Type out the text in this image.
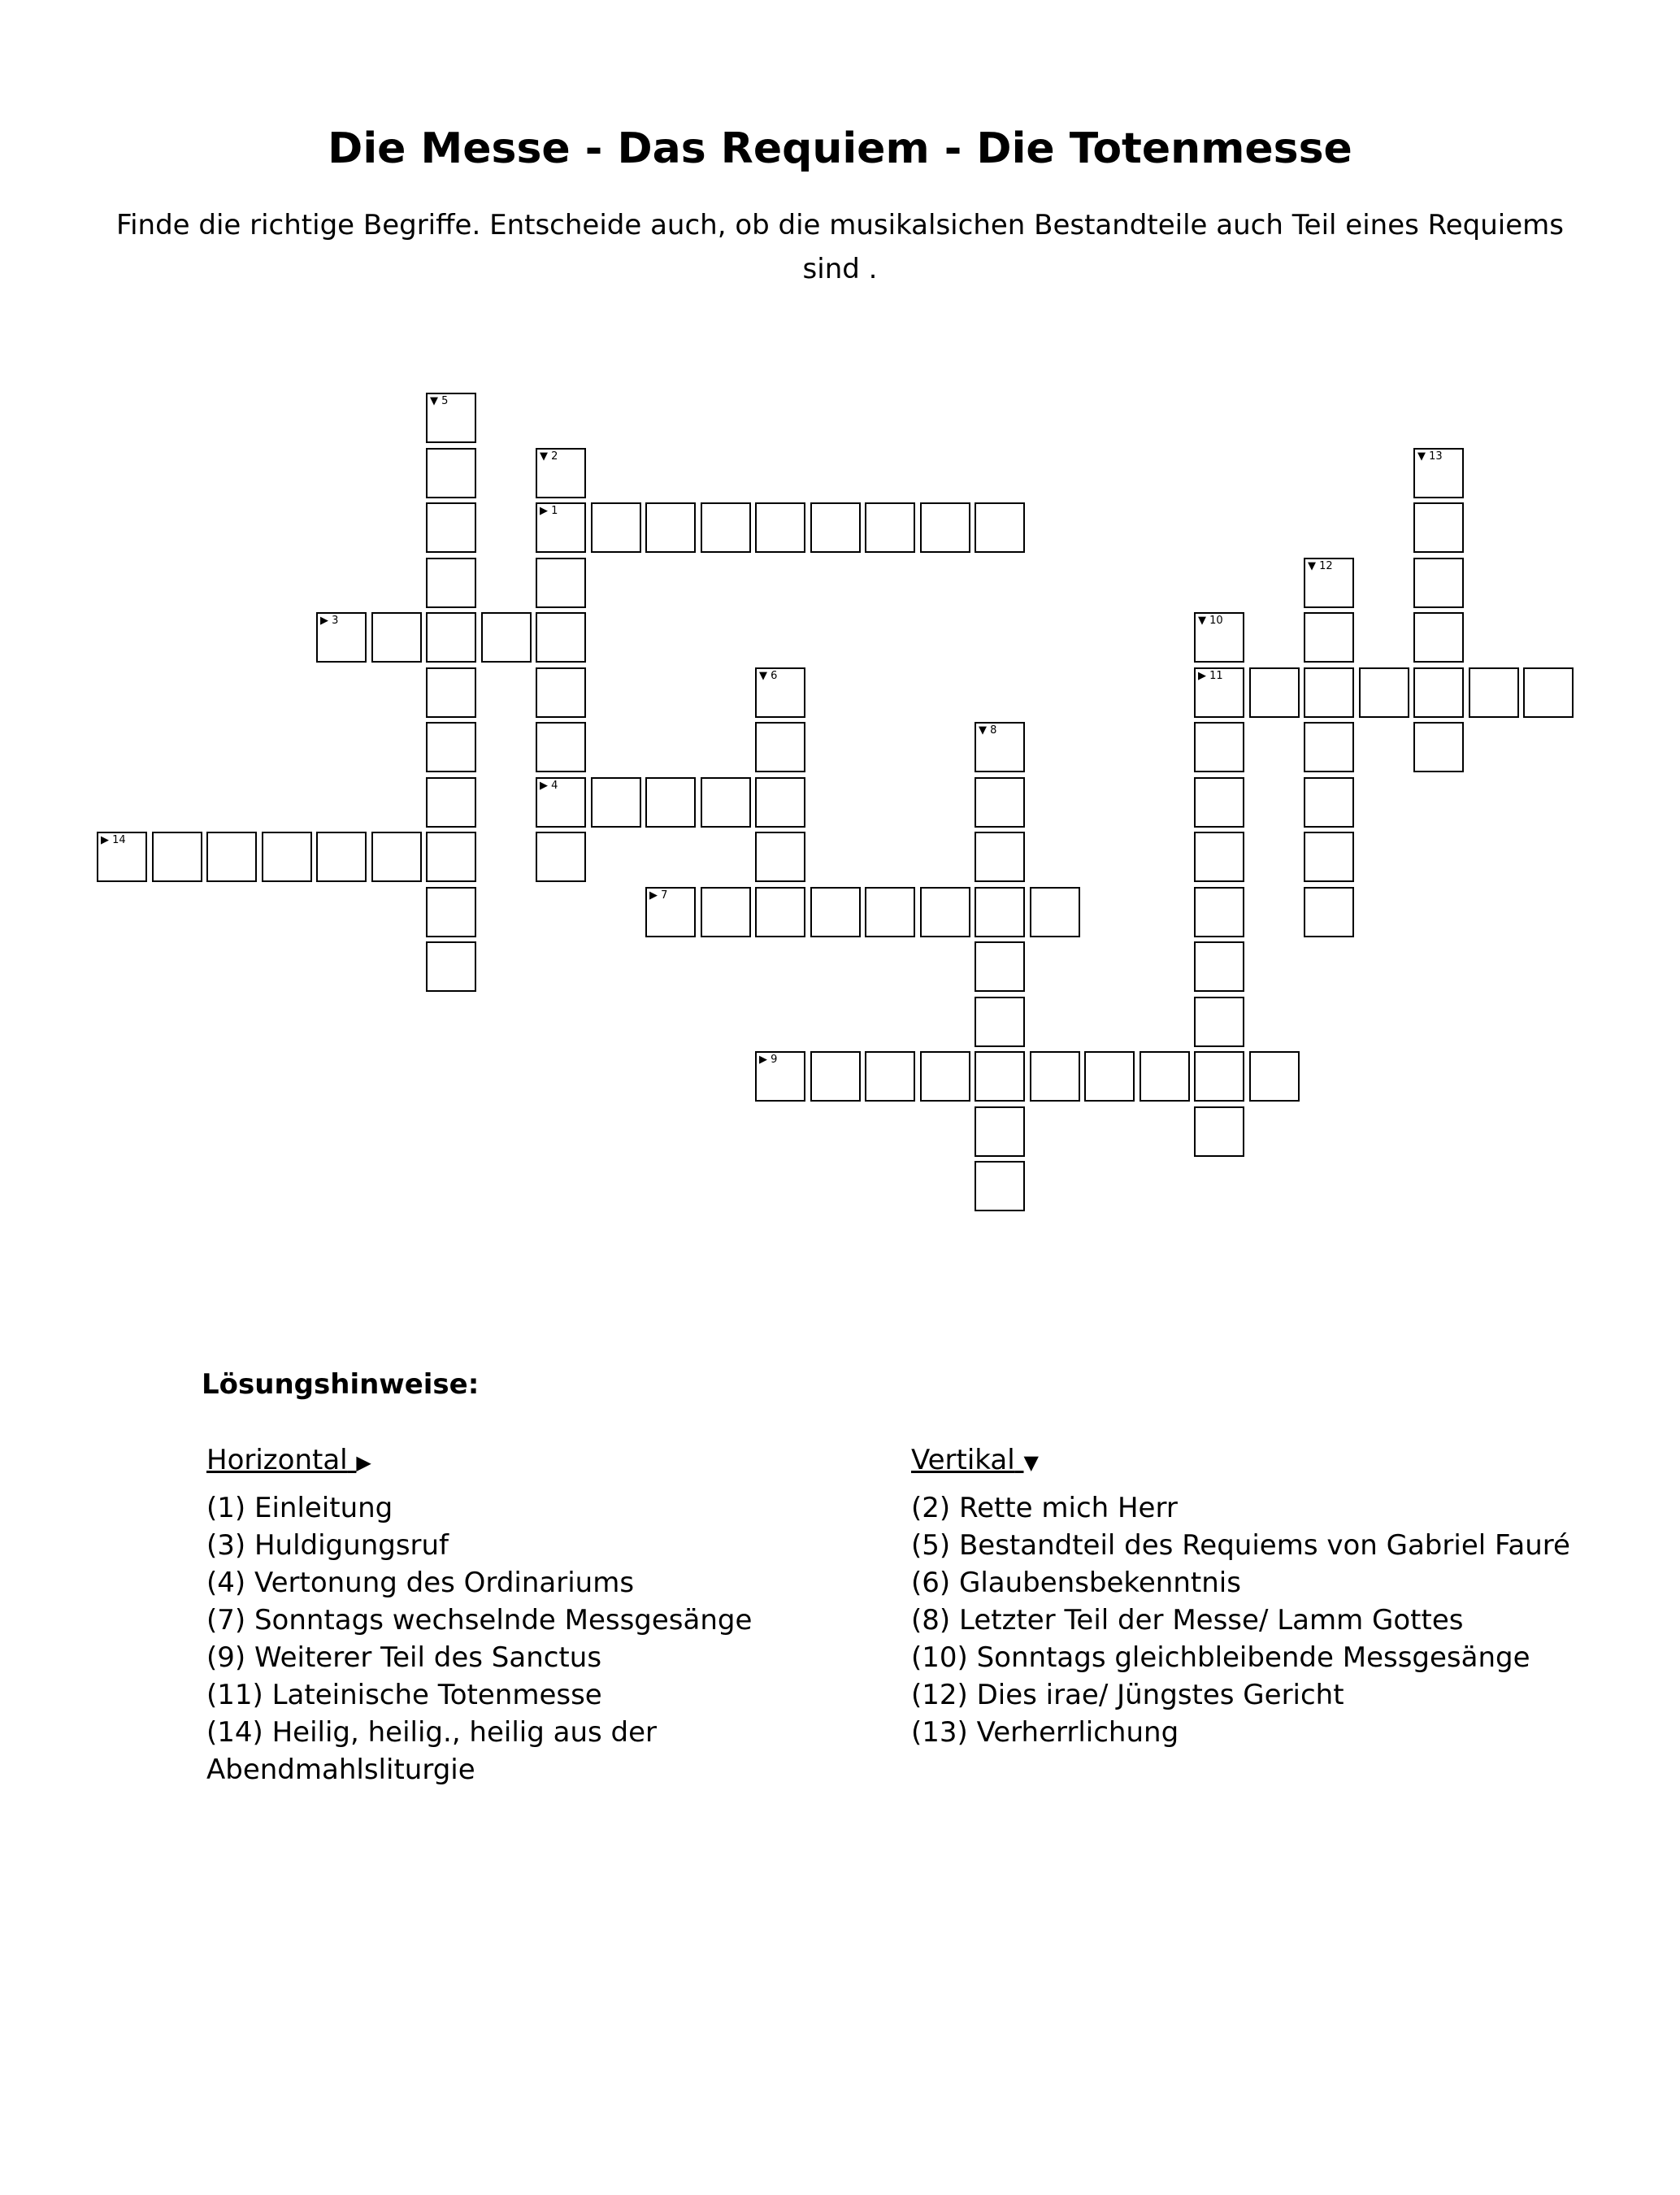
Die Messe - Das Requiem - Die Totenmesse
Finde die richtige Begriffe. Entscheide auch, ob die musikalsichen Bestandteile auch Teil eines Requiems sind .
▶ 1
▶ 3
▶ 4
▶ 7
▶ 9
▶ 11
▶ 14
▼ 2
▼ 5
▼ 6
▼ 8
▼ 10
▼ 12
▼ 13
Lösungshinweise:
Horizontal ▶
(1) Einleitung
(3) Huldigungsruf
(4) Vertonung des Ordinariums
(7) Sonntags wechselnde Messgesänge
(9) Weiterer Teil des Sanctus
(11) Lateinische Totenmesse
(14) Heilig, heilig., heilig aus der Abendmahlsliturgie
Vertikal ▼
(2) Rette mich Herr
(5) Bestandteil des Requiems von Gabriel Fauré
(6) Glaubensbekenntnis
(8) Letzter Teil der Messe/ Lamm Gottes
(10) Sonntags gleichbleibende Messgesänge
(12) Dies irae/ Jüngstes Gericht
(13) Verherrlichung
